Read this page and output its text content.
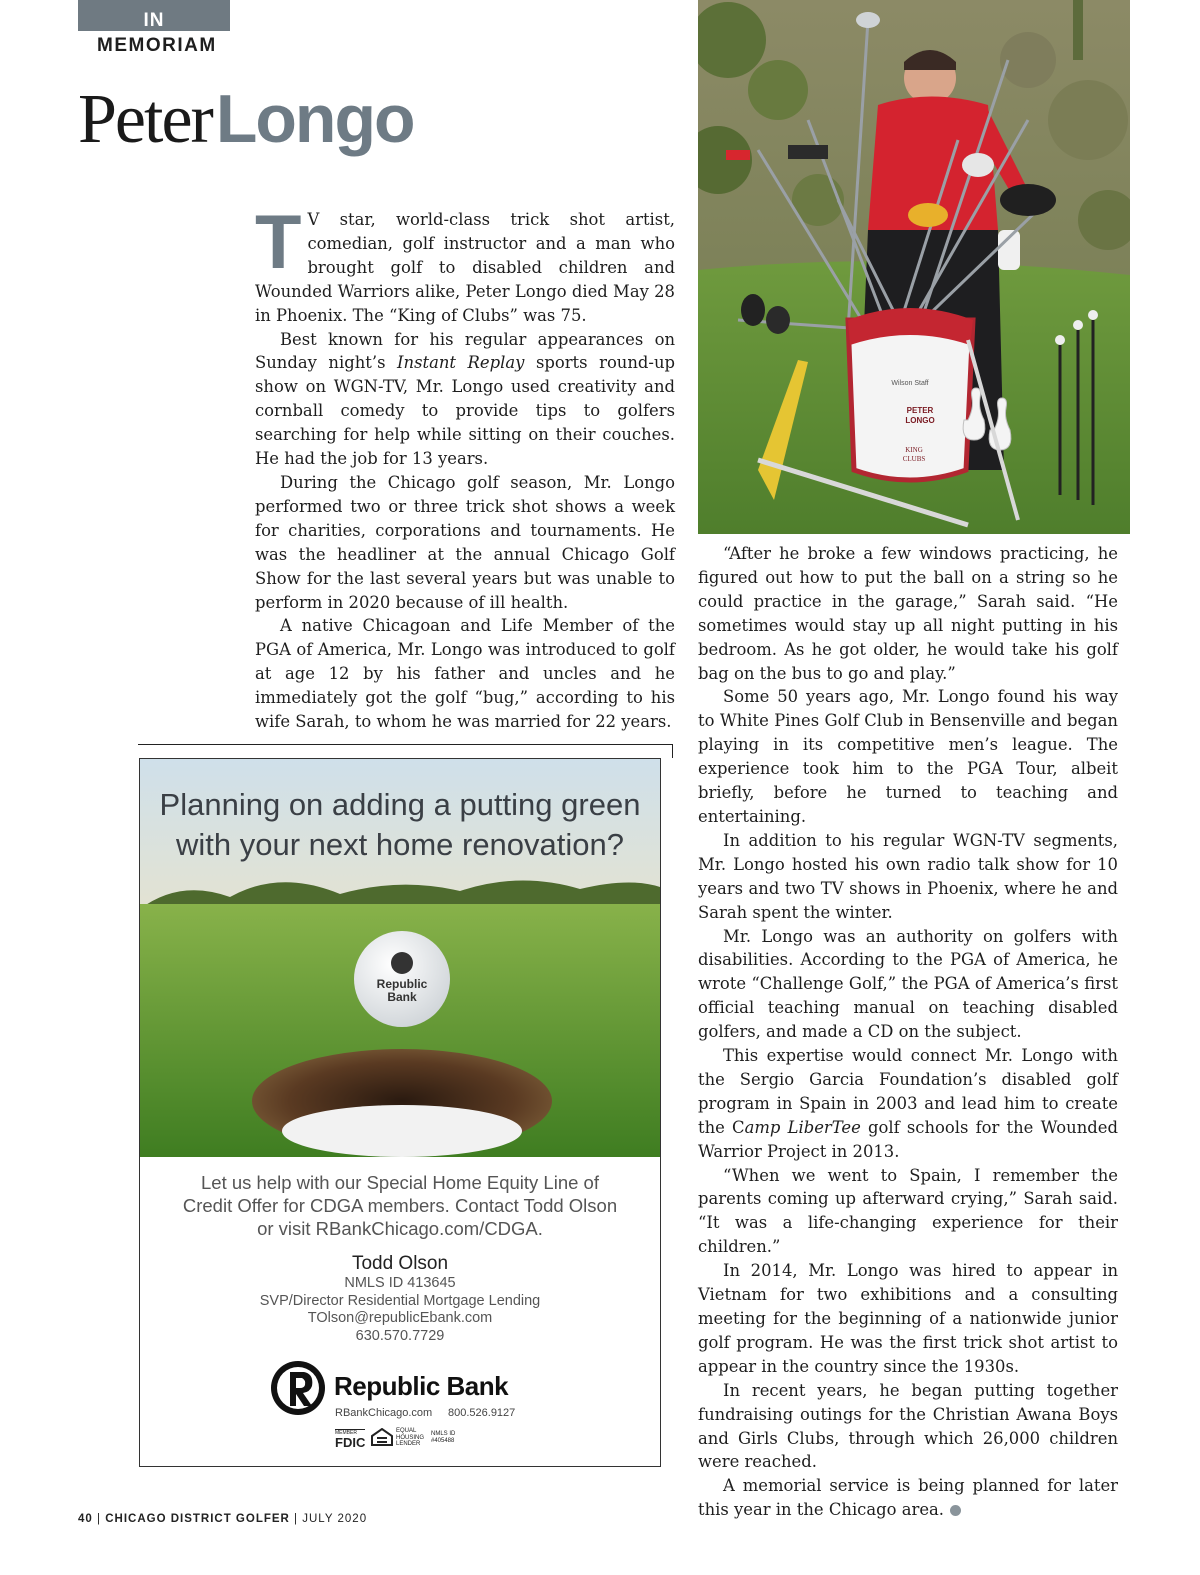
IN
MEMORIAM
PeterLongo

T V star, world-class trick shot artist, comedian, golf instructor and a man who brought golf to disabled children and Wounded Warriors alike, Peter Longo died May 28 in Phoenix. The “King of Clubs” was 75.

Best known for his regular appearances on Sunday night’s Instant Replay sports round-up show on WGN-TV, Mr. Longo used creativity and cornball comedy to provide tips to golfers searching for help while sitting on their couches. He had the job for 13 years.

During the Chicago golf season, Mr. Longo performed two or three trick shot shows a week for charities, corporations and tournaments. He was the headliner at the annual Chicago Golf Show for the last several years but was unable to perform in 2020 because of ill health.

A native Chicagoan and Life Member of the PGA of America, Mr. Longo was introduced to golf at age 12 by his father and uncles and he immediately got the golf “bug,” according to his wife Sarah, to whom he was married for 22 years.

“After he broke a few windows practicing, he figured out how to put the ball on a string so he could practice in the garage,” Sarah said. “He sometimes would stay up all night putting in his bedroom. As he got older, he would take his golf bag on the bus to go and play.”

Some 50 years ago, Mr. Longo found his way to White Pines Golf Club in Bensenville and began playing in its competitive men’s league. The experience took him to the PGA Tour, albeit briefly, before he turned to teaching and entertaining.

In addition to his regular WGN-TV segments, Mr. Longo hosted his own radio talk show for 10 years and two TV shows in Phoenix, where he and Sarah spent the winter.

Mr. Longo was an authority on golfers with disabilities. According to the PGA of America, he wrote “Challenge Golf,” the PGA of America’s first official teaching manual on teaching disabled golfers, and made a CD on the subject.

This expertise would connect Mr. Longo with the Sergio Garcia Foundation’s disabled golf program in Spain in 2003 and lead him to create the Camp LiberTee golf schools for the Wounded Warrior Project in 2013.

“When we went to Spain, I remember the parents coming up afterward crying,” Sarah said. “It was a life-changing experience for their children.”

In 2014, Mr. Longo was hired to appear in Vietnam for two exhibitions and a consulting meeting for the beginning of a nationwide junior golf program. He was the first trick shot artist to appear in the country since the 1930s.

In recent years, he began putting together fundraising outings for the Christian Awana Boys and Girls Clubs, through which 26,000 children were reached.

A memorial service is being planned for later this year in the Chicago area.

Wilson Staff
PETER
LONGO
KING
CLUBS
Republic
Bank
Planning on adding a putting green
with your next home renovation?
Let us help with our Special Home Equity Line of
Credit Offer for CDGA members. Contact Todd Olson
or visit RBankChicago.com/CDGA.
Todd Olson
NMLS ID 413645
SVP/Director Residential Mortgage Lending
TOlson@republicEbank.com
630.570.7729
Republic Bank
RBankChicago.com 800.526.9127
MEMBER
FDIC
EQUAL
HOUSING
LENDER
NMLS ID
#405488
40 | CHICAGO DISTRICT GOLFER | JULY 2020
